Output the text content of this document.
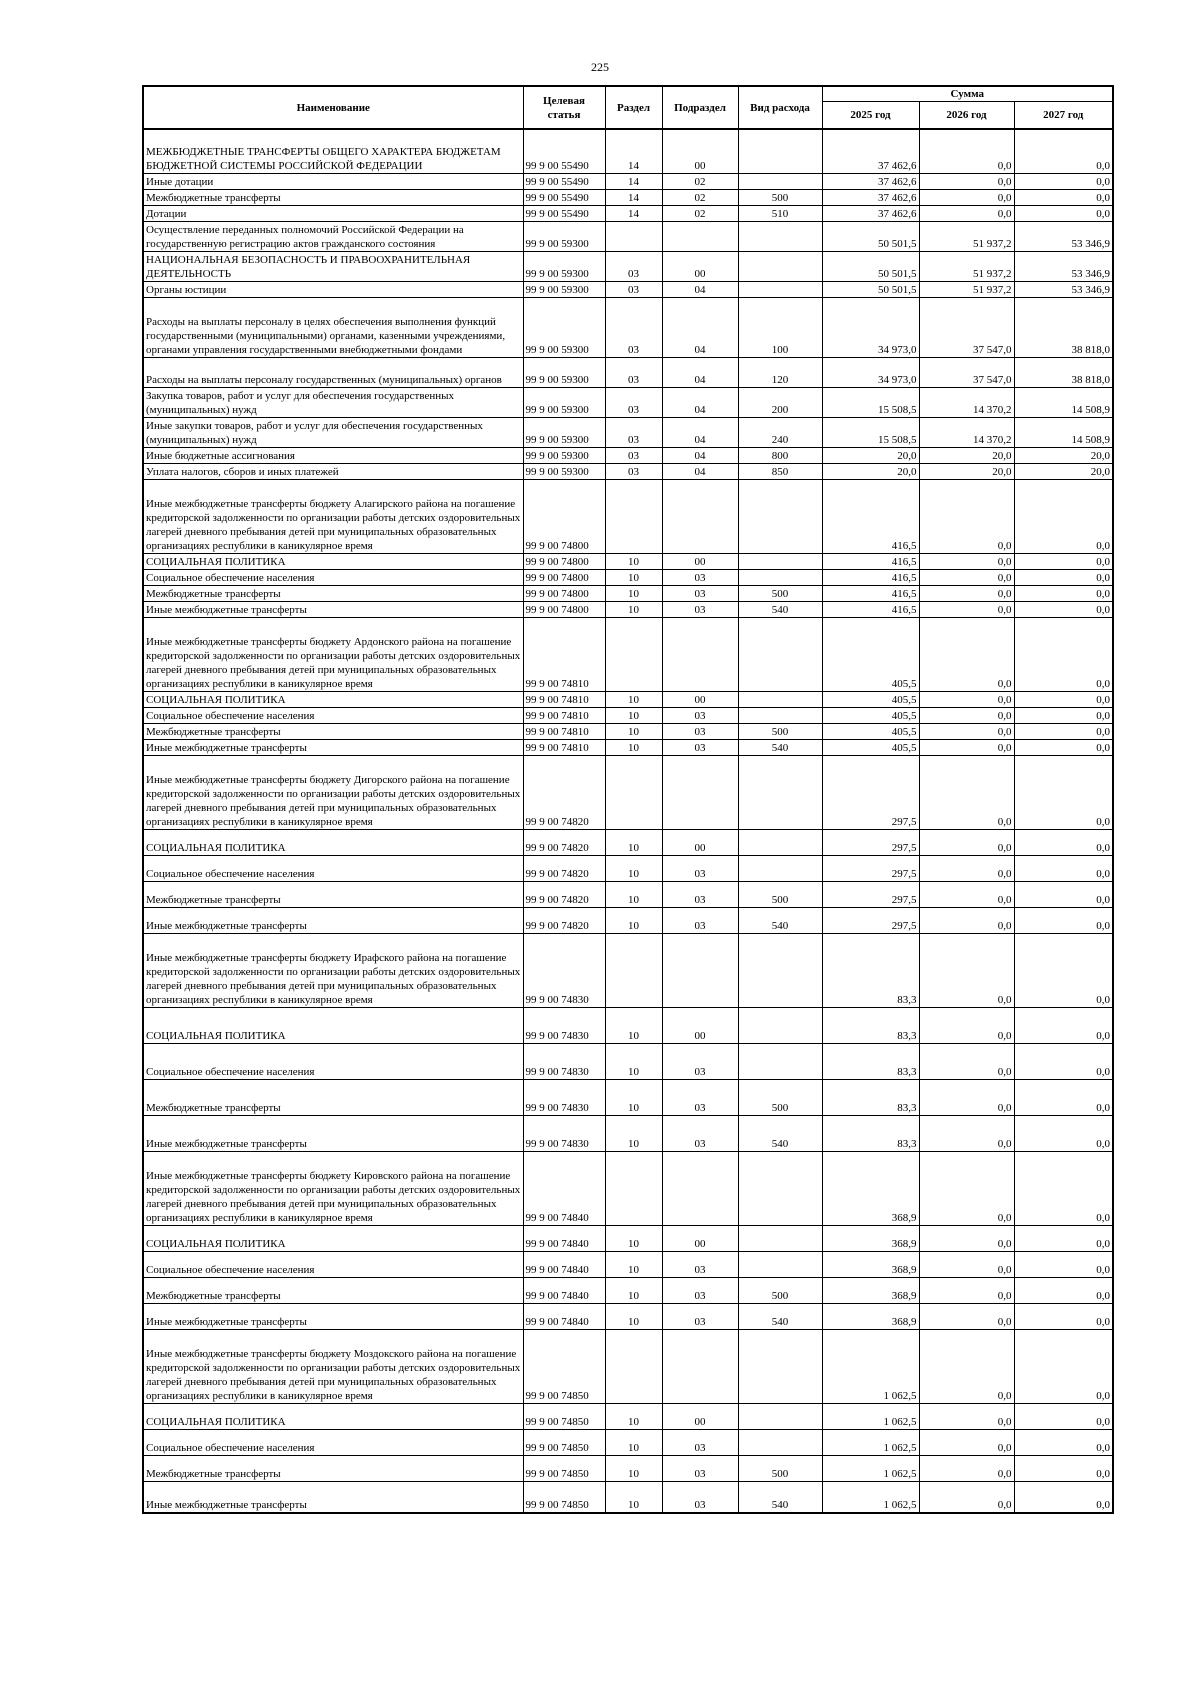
225
Наименование	Целевая статья	Раздел	Подраздел	Вид расхода	Сумма		
					2025 год	2026 год	2027 год
МЕЖБЮДЖЕТНЫЕ ТРАНСФЕРТЫ ОБЩЕГО ХАРАКТЕРА БЮДЖЕТАМ БЮДЖЕТНОЙ СИСТЕМЫ РОССИЙСКОЙ ФЕДЕРАЦИИ	99 9 00 55490	14	00		37 462,6	0,0	0,0
Иные дотации	99 9 00 55490	14	02		37 462,6	0,0	0,0
Межбюджетные трансферты	99 9 00 55490	14	02	500	37 462,6	0,0	0,0
Дотации	99 9 00 55490	14	02	510	37 462,6	0,0	0,0
Осуществление переданных полномочий Российской Федерации на государственную регистрацию актов гражданского состояния	99 9 00 59300				50 501,5	51 937,2	53 346,9
НАЦИОНАЛЬНАЯ БЕЗОПАСНОСТЬ И ПРАВООХРАНИТЕЛЬНАЯ ДЕЯТЕЛЬНОСТЬ	99 9 00 59300	03	00		50 501,5	51 937,2	53 346,9
Органы юстиции	99 9 00 59300	03	04		50 501,5	51 937,2	53 346,9
Расходы на выплаты персоналу в целях обеспечения выполнения функций государственными (муниципальными) органами, казенными учреждениями, органами управления государственными внебюджетными фондами	99 9 00 59300	03	04	100	34 973,0	37 547,0	38 818,0
Расходы на выплаты персоналу государственных (муниципальных) органов	99 9 00 59300	03	04	120	34 973,0	37 547,0	38 818,0
Закупка товаров, работ и услуг для обеспечения государственных (муниципальных) нужд	99 9 00 59300	03	04	200	15 508,5	14 370,2	14 508,9
Иные закупки товаров, работ и услуг для обеспечения государственных (муниципальных) нужд	99 9 00 59300	03	04	240	15 508,5	14 370,2	14 508,9
Иные бюджетные ассигнования	99 9 00 59300	03	04	800	20,0	20,0	20,0
Уплата налогов, сборов и иных платежей	99 9 00 59300	03	04	850	20,0	20,0	20,0
Иные межбюджетные трансферты бюджету Алагирского района на погашение кредиторской задолженности по организации работы детских оздоровительных лагерей дневного пребывания детей при муниципальных образовательных организациях республики в каникулярное время	99 9 00 74800				416,5	0,0	0,0
СОЦИАЛЬНАЯ ПОЛИТИКА	99 9 00 74800	10	00		416,5	0,0	0,0
Социальное обеспечение населения	99 9 00 74800	10	03		416,5	0,0	0,0
Межбюджетные трансферты	99 9 00 74800	10	03	500	416,5	0,0	0,0
Иные межбюджетные трансферты	99 9 00 74800	10	03	540	416,5	0,0	0,0
Иные межбюджетные трансферты бюджету Ардонского района на погашение кредиторской задолженности по организации работы детских оздоровительных лагерей дневного пребывания детей при муниципальных образовательных организациях республики в каникулярное время	99 9 00 74810				405,5	0,0	0,0
СОЦИАЛЬНАЯ ПОЛИТИКА	99 9 00 74810	10	00		405,5	0,0	0,0
Социальное обеспечение населения	99 9 00 74810	10	03		405,5	0,0	0,0
Межбюджетные трансферты	99 9 00 74810	10	03	500	405,5	0,0	0,0
Иные межбюджетные трансферты	99 9 00 74810	10	03	540	405,5	0,0	0,0
Иные межбюджетные трансферты бюджету Дигорского района на погашение кредиторской задолженности по организации работы детских оздоровительных лагерей дневного пребывания детей при муниципальных образовательных организациях республики в каникулярное время	99 9 00 74820				297,5	0,0	0,0
СОЦИАЛЬНАЯ ПОЛИТИКА	99 9 00 74820	10	00		297,5	0,0	0,0
Социальное обеспечение населения	99 9 00 74820	10	03		297,5	0,0	0,0
Межбюджетные трансферты	99 9 00 74820	10	03	500	297,5	0,0	0,0
Иные межбюджетные трансферты	99 9 00 74820	10	03	540	297,5	0,0	0,0
Иные межбюджетные трансферты бюджету Ирафского района на погашение кредиторской задолженности по организации работы детских оздоровительных лагерей дневного пребывания детей при муниципальных образовательных организациях республики в каникулярное время	99 9 00 74830				83,3	0,0	0,0
СОЦИАЛЬНАЯ ПОЛИТИКА	99 9 00 74830	10	00		83,3	0,0	0,0
Социальное обеспечение населения	99 9 00 74830	10	03		83,3	0,0	0,0
Межбюджетные трансферты	99 9 00 74830	10	03	500	83,3	0,0	0,0
Иные межбюджетные трансферты	99 9 00 74830	10	03	540	83,3	0,0	0,0
Иные межбюджетные трансферты бюджету Кировского района на погашение кредиторской задолженности по организации работы детских оздоровительных лагерей дневного пребывания детей при муниципальных образовательных организациях республики в каникулярное время	99 9 00 74840				368,9	0,0	0,0
СОЦИАЛЬНАЯ ПОЛИТИКА	99 9 00 74840	10	00		368,9	0,0	0,0
Социальное обеспечение населения	99 9 00 74840	10	03		368,9	0,0	0,0
Межбюджетные трансферты	99 9 00 74840	10	03	500	368,9	0,0	0,0
Иные межбюджетные трансферты	99 9 00 74840	10	03	540	368,9	0,0	0,0
Иные межбюджетные трансферты бюджету Моздокского района на погашение кредиторской задолженности по организации работы детских оздоровительных лагерей дневного пребывания детей при муниципальных образовательных организациях республики в каникулярное время	99 9 00 74850				1 062,5	0,0	0,0
СОЦИАЛЬНАЯ ПОЛИТИКА	99 9 00 74850	10	00		1 062,5	0,0	0,0
Социальное обеспечение населения	99 9 00 74850	10	03		1 062,5	0,0	0,0
Межбюджетные трансферты	99 9 00 74850	10	03	500	1 062,5	0,0	0,0
Иные межбюджетные трансферты	99 9 00 74850	10	03	540	1 062,5	0,0	0,0
